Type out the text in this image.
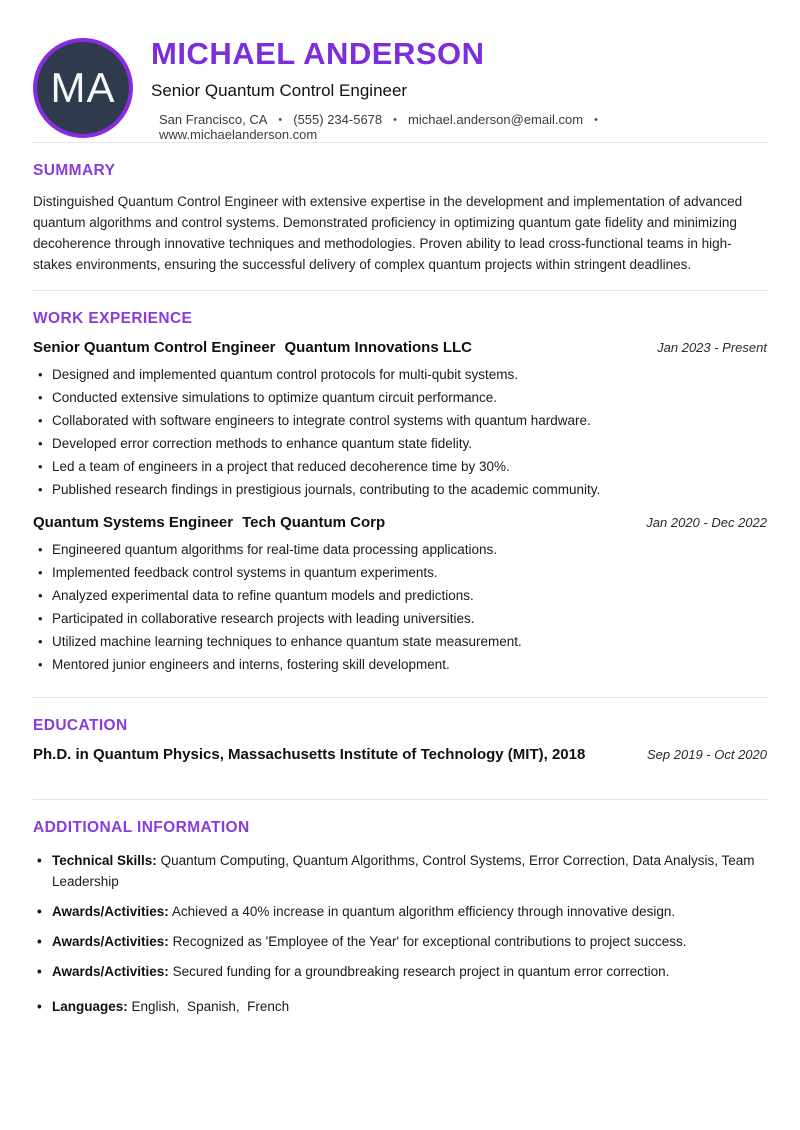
MA
MICHAEL ANDERSON
Senior Quantum Control Engineer
San Francisco, CA • (555) 234-5678 • michael.anderson@email.com •
www.michaelanderson.com
SUMMARY

Distinguished Quantum Control Engineer with extensive expertise in the development and implementation of advanced quantum algorithms and control systems. Demonstrated proficiency in optimizing quantum gate fidelity and minimizing decoherence through innovative techniques and methodologies. Proven ability to lead cross-functional teams in high-stakes environments, ensuring the successful delivery of complex quantum projects within stringent deadlines.

WORK EXPERIENCE
Senior Quantum Control Engineer Quantum Innovations LLC	Jan 2023 - Present
• Designed and implemented quantum control protocols for multi-qubit systems.
• Conducted extensive simulations to optimize quantum circuit performance.
• Collaborated with software engineers to integrate control systems with quantum hardware.
• Developed error correction methods to enhance quantum state fidelity.
• Led a team of engineers in a project that reduced decoherence time by 30%.
• Published research findings in prestigious journals, contributing to the academic community.
Quantum Systems Engineer Tech Quantum Corp	Jan 2020 - Dec 2022
• Engineered quantum algorithms for real-time data processing applications.
• Implemented feedback control systems in quantum experiments.
• Analyzed experimental data to refine quantum models and predictions.
• Participated in collaborative research projects with leading universities.
• Utilized machine learning techniques to enhance quantum state measurement.
• Mentored junior engineers and interns, fostering skill development.
EDUCATION
Ph.D. in Quantum Physics, Massachusetts Institute of Technology (MIT), 2018	Sep 2019 - Oct 2020
ADDITIONAL INFORMATION
• Technical Skills: Quantum Computing, Quantum Algorithms, Control Systems, Error Correction, Data Analysis, Team Leadership
• Awards/Activities: Achieved a 40% increase in quantum algorithm efficiency through innovative design.
• Awards/Activities: Recognized as 'Employee of the Year' for exceptional contributions to project success.
• Awards/Activities: Secured funding for a groundbreaking research project in quantum error correction.
• Languages: English,  Spanish,  French
